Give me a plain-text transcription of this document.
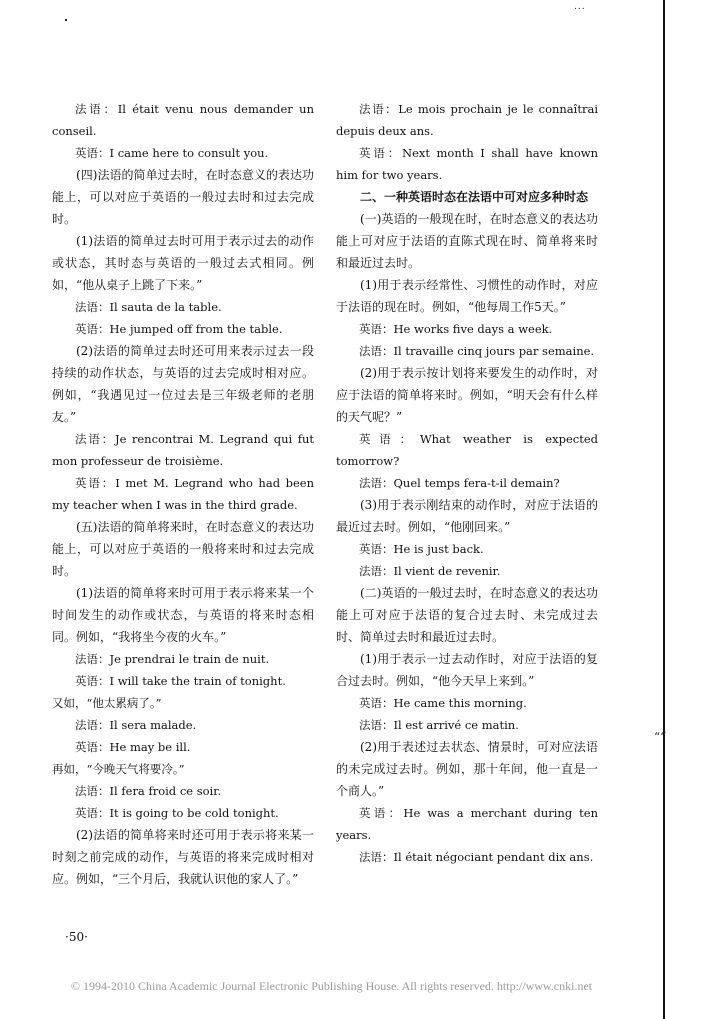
...
““

法语：Il était venu nous demander un conseil.

英语：I came here to consult you.

(四)法语的简单过去时，在时态意义的表达功能上，可以对应于英语的一般过去时和过去完成时。

(1)法语的简单过去时可用于表示过去的动作或状态，其时态与英语的一般过去式相同。例如，“他从桌子上跳了下来。”

法语：Il sauta de la table.

英语：He jumped off from the table.

(2)法语的简单过去时还可用来表示过去一段持续的动作状态，与英语的过去完成时相对应。例如，“我遇见过一位过去是三年级老师的老朋友。”

法语：Je rencontrai M. Legrand qui fut mon professeur de troisième.

英语：I met M. Legrand who had been my teacher when I was in the third grade.

(五)法语的简单将来时，在时态意义的表达功能上，可以对应于英语的一般将来时和过去完成时。

(1)法语的简单将来时可用于表示将来某一个时间发生的动作或状态，与英语的将来时态相同。例如，“我将坐今夜的火车。”

法语：Je prendrai le train de nuit.

英语：I will take the train of tonight.

又如，“他太累病了。”

法语：Il sera malade.

英语：He may be ill.

再如，“今晚天气将要冷。”

法语：Il fera froid ce soir.

英语：It is going to be cold tonight.

(2)法语的简单将来时还可用于表示将来某一时刻之前完成的动作，与英语的将来完成时相对应。例如，“三个月后，我就认识他的家人了。”

法语：Le mois prochain je le connaîtrai depuis deux ans.

英语：Next month I shall have known him for two years.

二、一种英语时态在法语中可对应多种时态

(一)英语的一般现在时，在时态意义的表达功能上可对应于法语的直陈式现在时、简单将来时和最近过去时。

(1)用于表示经常性、习惯性的动作时，对应于法语的现在时。例如，“他每周工作5天。”

英语：He works five days a week.

法语：Il travaille cinq jours par semaine.

(2)用于表示按计划将来要发生的动作时，对应于法语的简单将来时。例如，“明天会有什么样的天气呢？”

英语：What weather is expected tomorrow?

法语：Quel temps fera-t-il demain?

(3)用于表示刚结束的动作时，对应于法语的最近过去时。例如，“他刚回来。”

英语：He is just back.

法语：Il vient de revenir.

(二)英语的一般过去时，在时态意义的表达功能上可对应于法语的复合过去时、未完成过去时、简单过去时和最近过去时。

(1)用于表示一过去动作时，对应于法语的复合过去时。例如，“他今天早上来到。”

英语：He came this morning.

法语：Il est arrivé ce matin.

(2)用于表述过去状态、情景时，可对应法语的未完成过去时。例如，那十年间，他一直是一个商人。”

英语：He was a merchant during ten years.

法语：Il était négociant pendant dix ans.

·50·
© 1994-2010 China Academic Journal Electronic Publishing House. All rights reserved. http://www.cnki.net
